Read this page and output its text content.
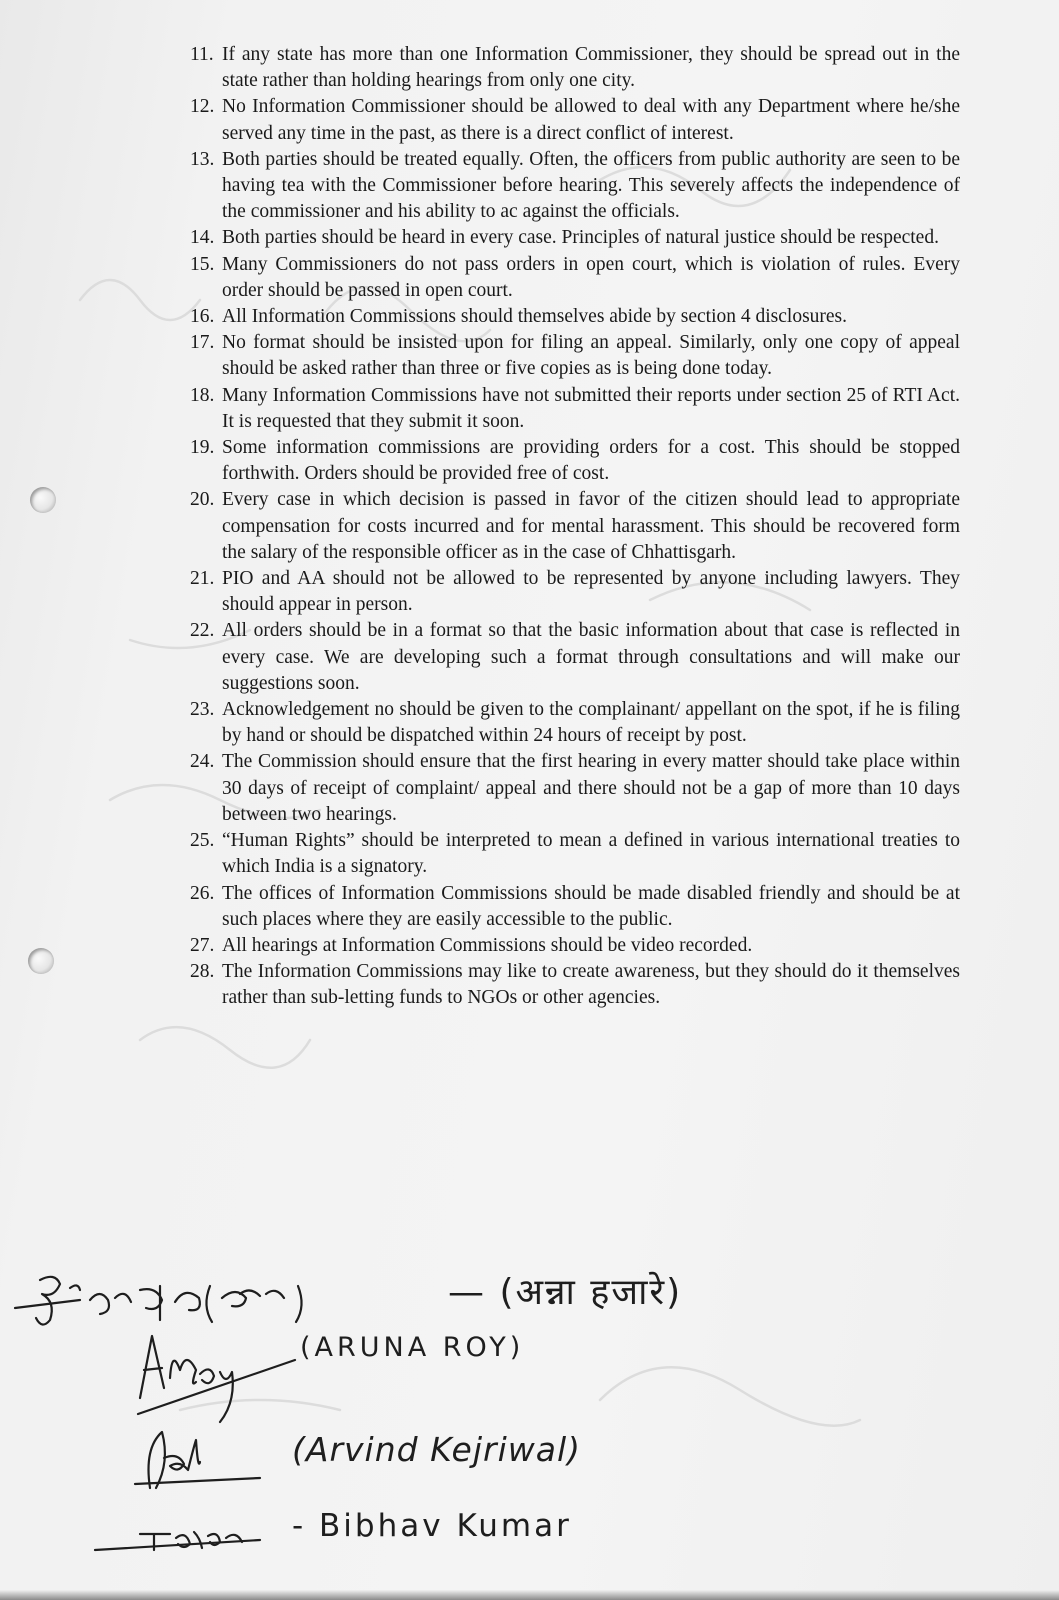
11. If any state has more than one Information Commissioner, they should be spread out in the state rather than holding hearings from only one city.
12. No Information Commissioner should be allowed to deal with any Department where he/she served any time in the past, as there is a direct conflict of interest.
13. Both parties should be treated equally. Often, the officers from public authority are seen to be having tea with the Commissioner before hearing. This severely affects the independence of the commissioner and his ability to ac against the officials.
14. Both parties should be heard in every case. Principles of natural justice should be respected.
15. Many Commissioners do not pass orders in open court, which is violation of rules. Every order should be passed in open court.
16. All Information Commissions should themselves abide by section 4 disclosures.
17. No format should be insisted upon for filing an appeal. Similarly, only one copy of appeal should be asked rather than three or five copies as is being done today.
18. Many Information Commissions have not submitted their reports under section 25 of RTI Act. It is requested that they submit it soon.
19. Some information commissions are providing orders for a cost. This should be stopped forthwith. Orders should be provided free of cost.
20. Every case in which decision is passed in favor of the citizen should lead to appropriate compensation for costs incurred and for mental harassment. This should be recovered form the salary of the responsible officer as in the case of Chhattisgarh.
21. PIO and AA should not be allowed to be represented by anyone including lawyers. They should appear in person.
22. All orders should be in a format so that the basic information about that case is reflected in every case. We are developing such a format through consultations and will make our suggestions soon.
23. Acknowledgement no should be given to the complainant/ appellant on the spot, if he is filing by hand or should be dispatched within 24 hours of receipt by post.
24. The Commission should ensure that the first hearing in every matter should take place within 30 days of receipt of complaint/ appeal and there should not be a gap of more than 10 days between two hearings.
25. “Human Rights” should be interpreted to mean a defined in various international treaties to which India is a signatory.
26. The offices of Information Commissions should be made disabled friendly and should be at such places where they are easily accessible to the public.
27. All hearings at Information Commissions should be video recorded.
28. The Information Commissions may like to create awareness, but they should do it themselves rather than sub-letting funds to NGOs or other agencies.
— (अन्ना हजारे)
(ARUNA ROY)
(Arvind Kejriwal)
- Bibhav Kumar
